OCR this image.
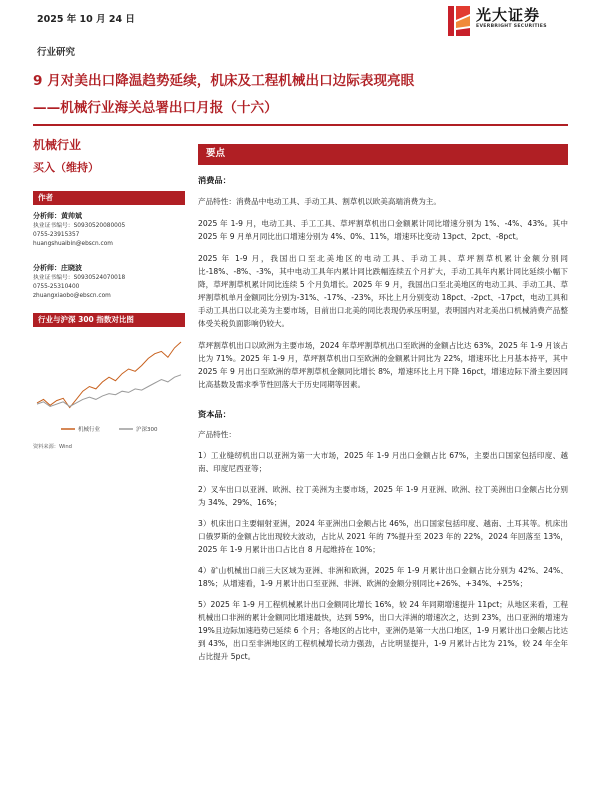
2025 年 10 月 24 日	光大证券
EVERBRIGHT SECURITIES
行业研究
9 月对美出口降温趋势延续，机床及工程机械出口边际表现亮眼
——机械行业海关总署出口月报（十六）
机械行业
买入（维持）
作者
分析师：黄帅斌
执业证书编号：S0930520080005
0755-23915357
huangshuaibin@ebscn.com
分析师：庄晓波
执业证书编号：S0930524070018
0755-25310400
zhuangxiaobo@ebscn.com
行业与沪深 300 指数对比图
机械行业	沪深300
资料来源：Wind
要点
消费品：
产品特性：消费品中电动工具、手动工具、割草机以欧美高端消费为主。
2025 年 1-9 月，电动工具、手工工具、草坪割草机出口金额累计同比增速分别为 1%、-4%、43%。其中 2025 年 9 月单月同比出口增速分别为 4%、0%、11%，增速环比变动 13pct、2pct、-8pct。
2025 年 1-9 月，我国出口至北美地区的电动工具、手动工具、草坪割草机累计金额分别同比-18%、-8%、-3%，其中电动工具年内累计同比跌幅连续五个月扩大，手动工具年内累计同比延续小幅下降，草坪割草机累计同比连续 5 个月负增长。2025 年 9 月，我国出口至北美地区的电动工具、手动工具、草坪割草机单月金额同比分别为-31%、-17%、-23%，环比上月分别变动 18pct、-2pct、-17pct，电动工具和手动工具出口以北美为主要市场，目前出口北美的同比表现仍承压明显，表明国内对北美出口机械消费产品整体受关税负面影响仍较大。
草坪割草机出口以欧洲为主要市场，2024 年草坪割草机出口至欧洲的金额占比达 63%，2025 年 1-9 月该占比为 71%。2025 年 1-9 月，草坪割草机出口至欧洲的金额累计同比为 22%，增速环比上月基本持平，其中 2025 年 9 月出口至欧洲的草坪割草机金额同比增长 8%，增速环比上月下降 16pct，增速边际下滑主要因同比高基数及需求季节性回落大于历史同期等因素。
资本品：
产品特性：
1）工业缝纫机出口以亚洲为第一大市场，2025 年 1-9 月出口金额占比 67%，主要出口国家包括印度、越南、印度尼西亚等；
2）叉车出口以亚洲、欧洲、拉丁美洲为主要市场，2025 年 1-9 月亚洲、欧洲、拉丁美洲出口金额占比分别为 34%、29%、16%；
3）机床出口主要辐射亚洲，2024 年亚洲出口金额占比 46%，出口国家包括印度、越南、土耳其等。机床出口俄罗斯的金额占比出现较大波动，占比从 2021 年的 7%提升至 2023 年的 22%，2024 年回落至 13%，2025 年 1-9 月累计出口占比自 8 月起维持在 10%；
4）矿山机械出口前三大区域为亚洲、非洲和欧洲，2025 年 1-9 月累计出口金额占比分别为 42%、24%、18%；从增速看，1-9 月累计出口至亚洲、非洲、欧洲的金额分别同比+26%、+34%、+25%；
5）2025 年 1-9 月工程机械累计出口金额同比增长 16%，较 24 年同期增速提升 11pct；从地区来看，工程机械出口非洲的累计金额同比增速最快，达到 59%，出口大洋洲的增速次之，达到 23%，出口亚洲的增速为 19%且边际加速趋势已延续 6 个月；各地区的占比中，亚洲仍是第一大出口地区，1-9 月累计出口金额占比达到 43%，出口至非洲地区的工程机械增长动力强劲，占比明显提升，1-9 月累计占比为 21%，较 24 年全年占比提升 5pct。
